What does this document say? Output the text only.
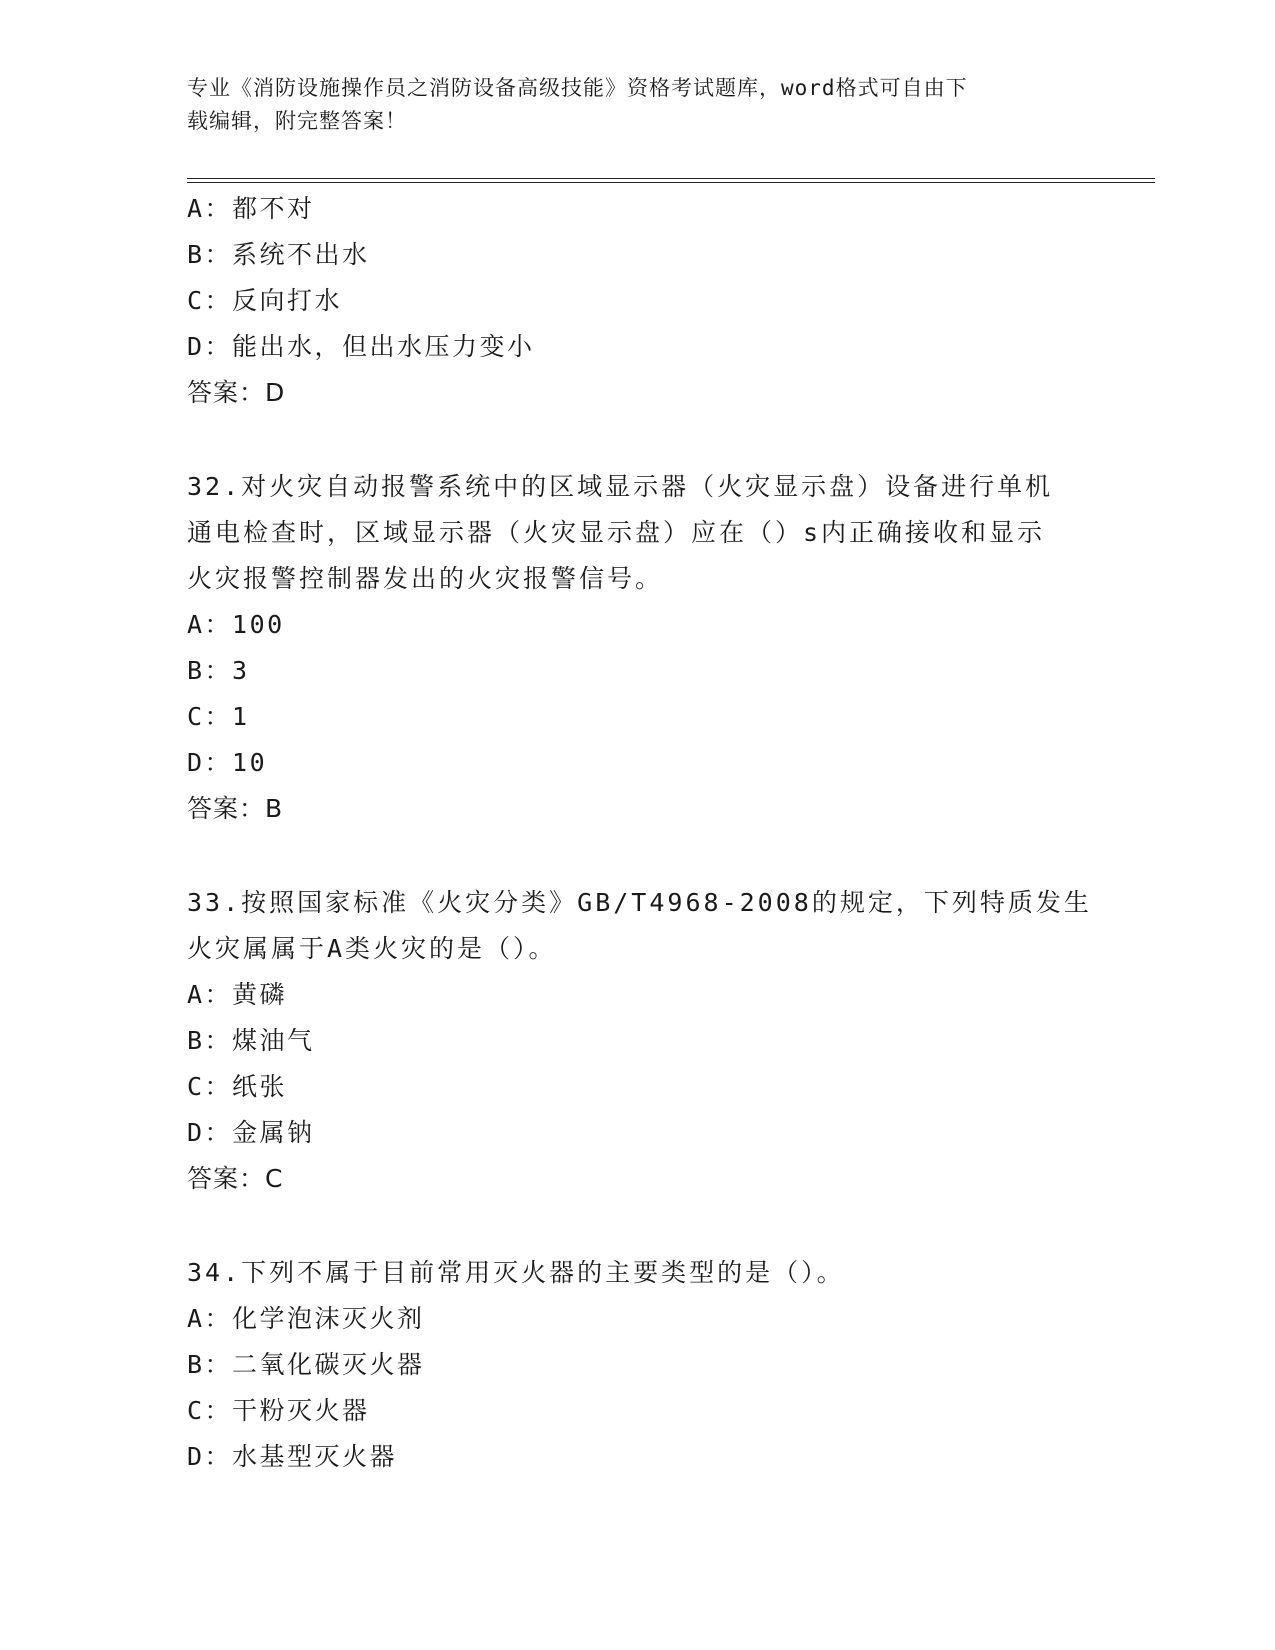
专业《消防设施操作员之消防设备高级技能》资格考试题库，word格式可自由下
载编辑，附完整答案！
A：都不对
B：系统不出水
C：反向打水
D：能出水，但出水压力变小
答案：D
32.对火灾自动报警系统中的区域显示器（火灾显示盘）设备进行单机
通电检查时，区域显示器（火灾显示盘）应在（）s内正确接收和显示
火灾报警控制器发出的火灾报警信号。
A：100
B：3
C：1
D：10
答案：B
33.按照国家标准《火灾分类》GB/T4968-2008的规定，下列特质发生
火灾属属于A类火灾的是（）。
A：黄磷
B：煤油气
C：纸张
D：金属钠
答案：C
34.下列不属于目前常用灭火器的主要类型的是（）。
A：化学泡沫灭火剂
B：二氧化碳灭火器
C：干粉灭火器
D：水基型灭火器
